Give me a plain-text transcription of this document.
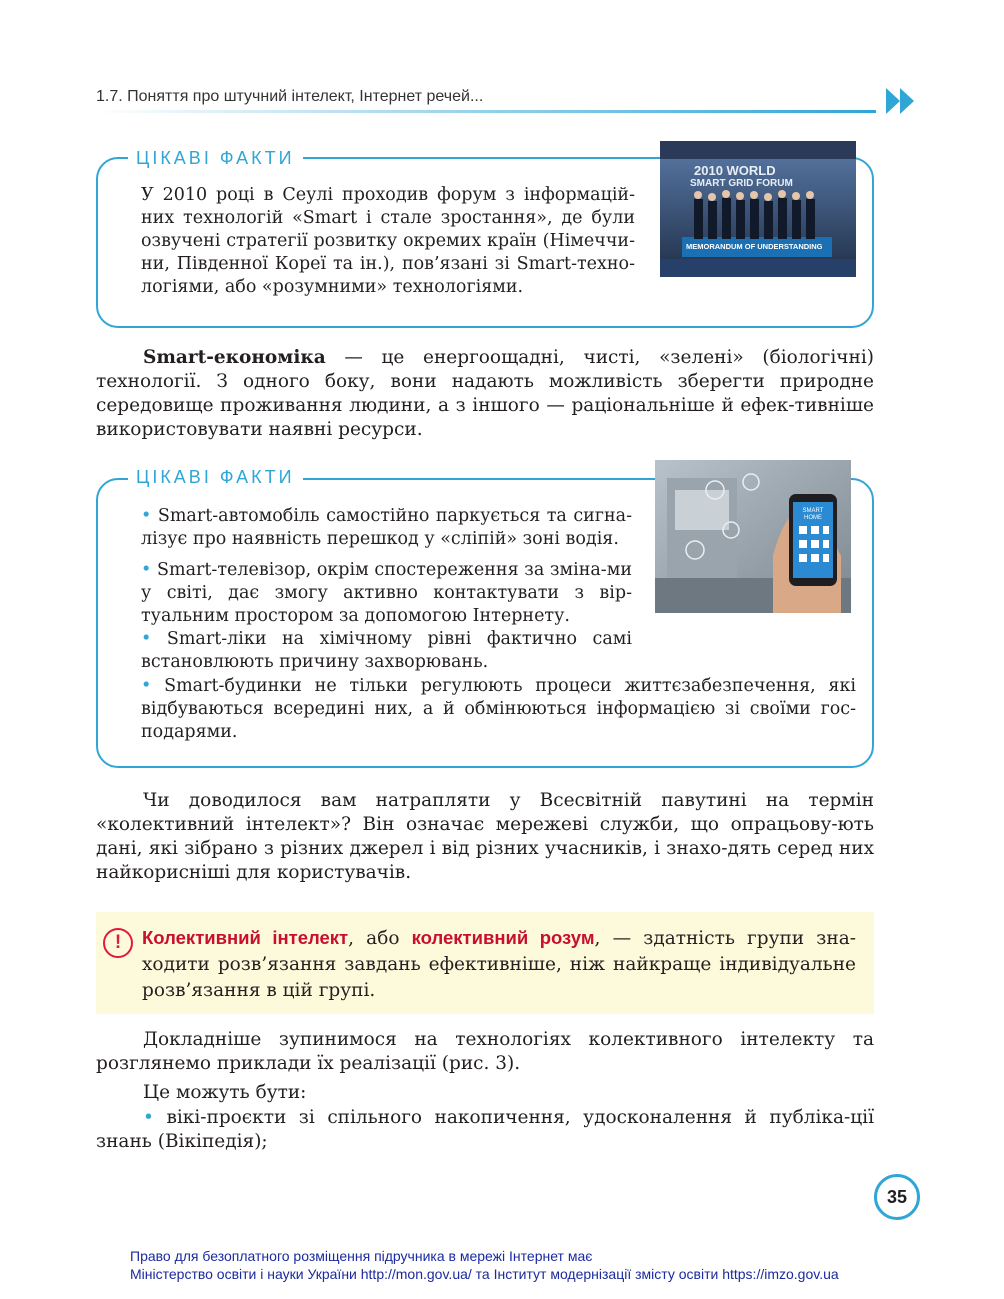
1.7. Поняття про штучний інтелект, Інтернет речей...
ЦІКАВІ ФАКТИ
У 2010 році в Сеулі проходив форум з інформацій-них технологій «Smart і стале зростання», де були озвучені стратегії розвитку окремих країн (Німеччи-ни, Південної Кореї та ін.), пов’язані зі Smart-техно-логіями, або «розумними» технологіями.
2010 WORLD
SMART GRID FORUM
MEMORANDUM OF UNDERSTANDING
Smart-економіка — це енергоощадні, чисті, «зелені» (біологічні) технології. З одного боку, вони надають можливість зберегти природне середовище проживання людини, а з іншого — раціональніше й ефек-тивніше використовувати наявні ресурси.
ЦІКАВІ ФАКТИ
SMART HOME
• Smart-автомобіль самостійно паркується та сигна-лізує про наявність перешкод у «сліпій» зоні водія.
• Smart-телевізор, окрім спостереження за зміна-ми у світі, дає змогу активно контактувати з вір-туальним простором за допомогою Інтернету.
• Smart-ліки на хімічному рівні фактично самі встановлюють причину захворювань.
• Smart-будинки не тільки регулюють процеси життєзабезпечення, які відбуваються всередині них, а й обмінюються інформацією зі своїми гос-подарями.
Чи доводилося вам натрапляти у Всесвітній павутині на термін «колективний інтелект»? Він означає мережеві служби, що опрацьову-ють дані, які зібрано з різних джерел і від різних учасників, і знахо-дять серед них найкорисніші для користувачів.
!	Колективний інтелект, або колективний розум, — здатність групи зна-ходити розв’язання завдань ефективніше, ніж найкраще індивідуальне розв’язання в цій групі.
Докладніше зупинимося на технологіях колективного інтелекту та розглянемо приклади їх реалізації (рис. 3).
Це можуть бути:
• вікі-проєкти зі спільного накопичення, удосконалення й публіка-ції знань (Вікіпедія);
35
Право для безоплатного розміщення підручника в мережі Інтернет має
Міністерство освіти і науки України http://mon.gov.ua/ та Інститут модернізації змісту освіти https://imzo.gov.ua
